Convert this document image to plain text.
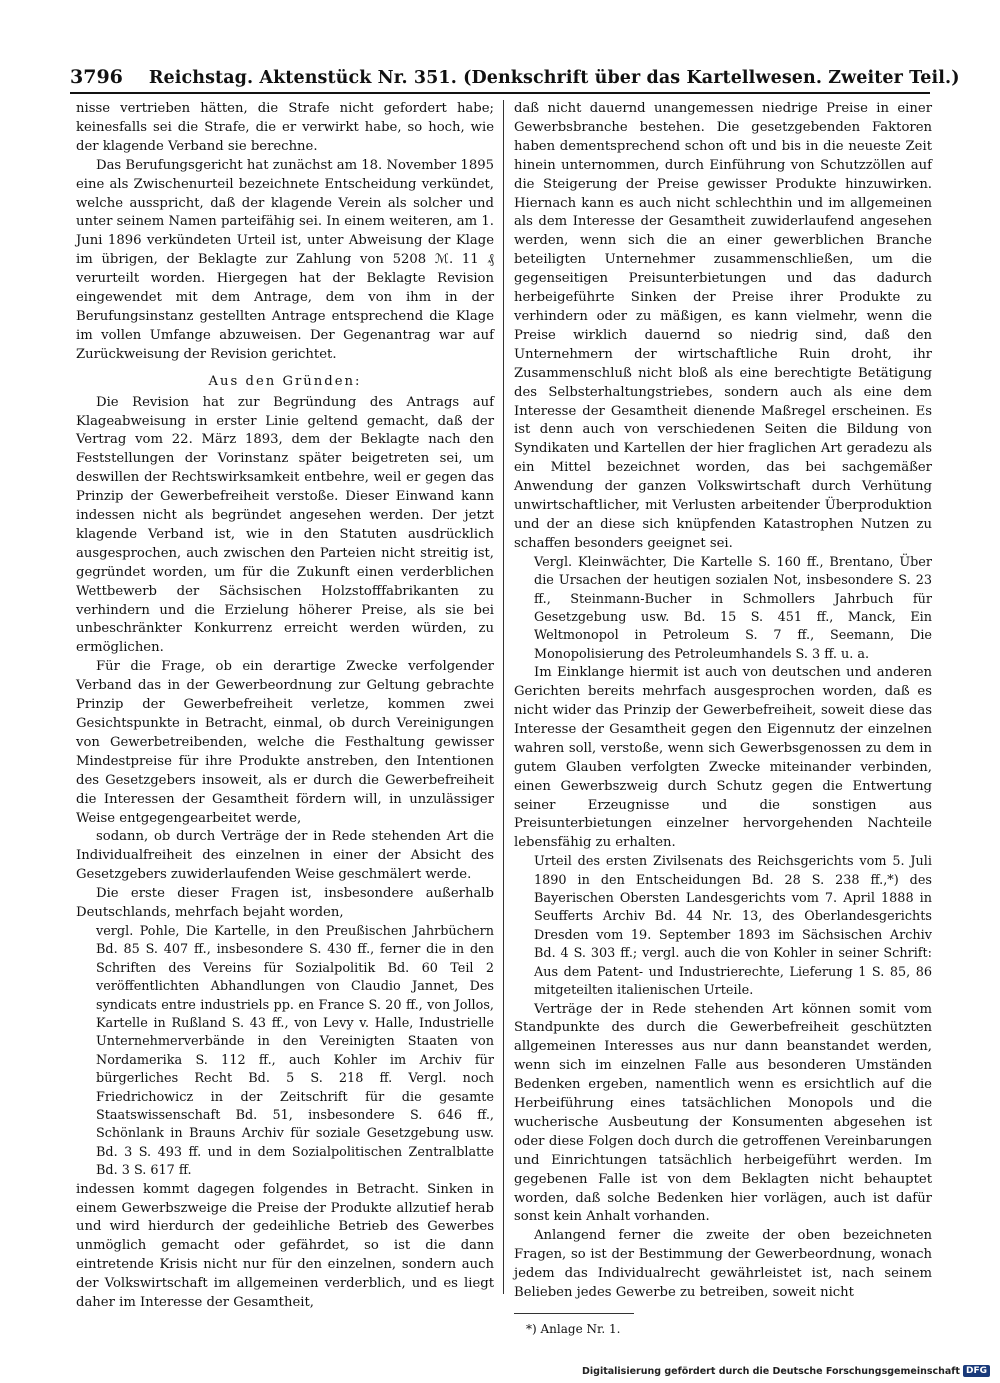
3796 Reichstag. Aktenstück Nr. 351. (Denkschrift über das Kartellwesen. Zweiter Teil.)

nisse vertrieben hätten, die Strafe nicht gefordert habe; keinesfalls sei die Strafe, die er verwirkt habe, so hoch, wie der klagende Verband sie berechne.

Das Berufungsgericht hat zunächst am 18. November 1895 eine als Zwischenurteil bezeichnete Entscheidung verkündet, welche ausspricht, daß der klagende Verein als solcher und unter seinem Namen parteifähig sei. In einem weiteren, am 1. Juni 1896 verkündeten Urteil ist, unter Abweisung der Klage im übrigen, der Beklagte zur Zahlung von 5208 ℳ. 11 ₰ verurteilt worden. Hiergegen hat der Beklagte Revision eingewendet mit dem Antrage, dem von ihm in der Berufungsinstanz gestellten Antrage entsprechend die Klage im vollen Umfange abzuweisen. Der Gegenantrag war auf Zurückweisung der Revision gerichtet.

Aus den Gründen:

Die Revision hat zur Begründung des Antrags auf Klageabweisung in erster Linie geltend gemacht, daß der Vertrag vom 22. März 1893, dem der Beklagte nach den Feststellungen der Vorinstanz später beigetreten sei, um deswillen der Rechtswirksamkeit entbehre, weil er gegen das Prinzip der Gewerbefreiheit verstoße. Dieser Einwand kann indessen nicht als begründet angesehen werden. Der jetzt klagende Verband ist, wie in den Statuten ausdrücklich ausgesprochen, auch zwischen den Parteien nicht streitig ist, gegründet worden, um für die Zukunft einen verderblichen Wettbewerb der Sächsischen Holzstofffabrikanten zu verhindern und die Erzielung höherer Preise, als sie bei unbeschränkter Konkurrenz erreicht werden würden, zu ermöglichen.

Für die Frage, ob ein derartige Zwecke verfolgender Verband das in der Gewerbeordnung zur Geltung gebrachte Prinzip der Gewerbefreiheit verletze, kommen zwei Gesichtspunkte in Betracht, einmal, ob durch Vereinigungen von Gewerbetreibenden, welche die Festhaltung gewisser Mindestpreise für ihre Produkte anstreben, den Intentionen des Gesetzgebers insoweit, als er durch die Gewerbefreiheit die Interessen der Gesamtheit fördern will, in unzulässiger Weise entgegengearbeitet werde,

sodann, ob durch Verträge der in Rede stehenden Art die Individualfreiheit des einzelnen in einer der Absicht des Gesetzgebers zuwiderlaufenden Weise geschmälert werde.

Die erste dieser Fragen ist, insbesondere außerhalb Deutschlands, mehrfach bejaht worden,

vergl. Pohle, Die Kartelle, in den Preußischen Jahrbüchern Bd. 85 S. 407 ff., insbesondere S. 430 ff., ferner die in den Schriften des Vereins für Sozialpolitik Bd. 60 Teil 2 veröffentlichten Abhandlungen von Claudio Jannet, Des syndicats entre industriels pp. en France S. 20 ff., von Jollos, Kartelle in Rußland S. 43 ff., von Levy v. Halle, Industrielle Unternehmerverbände in den Vereinigten Staaten von Nordamerika S. 112 ff., auch Kohler im Archiv für bürgerliches Recht Bd. 5 S. 218 ff. Vergl. noch Friedrichowicz in der Zeitschrift für die gesamte Staatswissenschaft Bd. 51, insbesondere S. 646 ff., Schönlank in Brauns Archiv für soziale Gesetzgebung usw. Bd. 3 S. 493 ff. und in dem Sozialpolitischen Zentralblatte Bd. 3 S. 617 ff.

indessen kommt dagegen folgendes in Betracht. Sinken in einem Gewerbszweige die Preise der Produkte allzutief herab und wird hierdurch der gedeihliche Betrieb des Gewerbes unmöglich gemacht oder gefährdet, so ist die dann eintretende Krisis nicht nur für den einzelnen, sondern auch der Volkswirtschaft im allgemeinen verderblich, und es liegt daher im Interesse der Gesamtheit,

daß nicht dauernd unangemessen niedrige Preise in einer Gewerbsbranche bestehen. Die gesetzgebenden Faktoren haben dementsprechend schon oft und bis in die neueste Zeit hinein unternommen, durch Einführung von Schutzzöllen auf die Steigerung der Preise gewisser Produkte hinzuwirken. Hiernach kann es auch nicht schlechthin und im allgemeinen als dem Interesse der Gesamtheit zuwiderlaufend angesehen werden, wenn sich die an einer gewerblichen Branche beteiligten Unternehmer zusammenschließen, um die gegenseitigen Preisunterbietungen und das dadurch herbeigeführte Sinken der Preise ihrer Produkte zu verhindern oder zu mäßigen, es kann vielmehr, wenn die Preise wirklich dauernd so niedrig sind, daß den Unternehmern der wirtschaftliche Ruin droht, ihr Zusammenschluß nicht bloß als eine berechtigte Betätigung des Selbsterhaltungstriebes, sondern auch als eine dem Interesse der Gesamtheit dienende Maßregel erscheinen. Es ist denn auch von verschiedenen Seiten die Bildung von Syndikaten und Kartellen der hier fraglichen Art geradezu als ein Mittel bezeichnet worden, das bei sachgemäßer Anwendung der ganzen Volkswirtschaft durch Verhütung unwirtschaftlicher, mit Verlusten arbeitender Überproduktion und der an diese sich knüpfenden Katastrophen Nutzen zu schaffen besonders geeignet sei.

Vergl. Kleinwächter, Die Kartelle S. 160 ff., Brentano, Über die Ursachen der heutigen sozialen Not, insbesondere S. 23 ff., Steinmann-Bucher in Schmollers Jahrbuch für Gesetzgebung usw. Bd. 15 S. 451 ff., Manck, Ein Weltmonopol in Petroleum S. 7 ff., Seemann, Die Monopolisierung des Petroleumhandels S. 3 ff. u. a.

Im Einklange hiermit ist auch von deutschen und anderen Gerichten bereits mehrfach ausgesprochen worden, daß es nicht wider das Prinzip der Gewerbefreiheit, soweit diese das Interesse der Gesamtheit gegen den Eigennutz der einzelnen wahren soll, verstoße, wenn sich Gewerbsgenossen zu dem in gutem Glauben verfolgten Zwecke miteinander verbinden, einen Gewerbszweig durch Schutz gegen die Entwertung seiner Erzeugnisse und die sonstigen aus Preisunterbietungen einzelner hervorgehenden Nachteile lebensfähig zu erhalten.

Urteil des ersten Zivilsenats des Reichsgerichts vom 5. Juli 1890 in den Entscheidungen Bd. 28 S. 238 ff.,*) des Bayerischen Obersten Landesgerichts vom 7. April 1888 in Seufferts Archiv Bd. 44 Nr. 13, des Oberlandesgerichts Dresden vom 19. September 1893 im Sächsischen Archiv Bd. 4 S. 303 ff.; vergl. auch die von Kohler in seiner Schrift: Aus dem Patent- und Industrierechte, Lieferung 1 S. 85, 86 mitgeteilten italienischen Urteile.

Verträge der in Rede stehenden Art können somit vom Standpunkte des durch die Gewerbefreiheit geschützten allgemeinen Interesses aus nur dann beanstandet werden, wenn sich im einzelnen Falle aus besonderen Umständen Bedenken ergeben, namentlich wenn es ersichtlich auf die Herbeiführung eines tatsächlichen Monopols und die wucherische Ausbeutung der Konsumenten abgesehen ist oder diese Folgen doch durch die getroffenen Vereinbarungen und Einrichtungen tatsächlich herbeigeführt werden. Im gegebenen Falle ist von dem Beklagten nicht behauptet worden, daß solche Bedenken hier vorlägen, auch ist dafür sonst kein Anhalt vorhanden.

Anlangend ferner die zweite der oben bezeichneten Fragen, so ist der Bestimmung der Gewerbeordnung, wonach jedem das Individualrecht gewährleistet ist, nach seinem Belieben jedes Gewerbe zu betreiben, soweit nicht

*) Anlage Nr. 1.

Digitalisierung gefördert durch die Deutsche Forschungsgemeinschaft DFG
